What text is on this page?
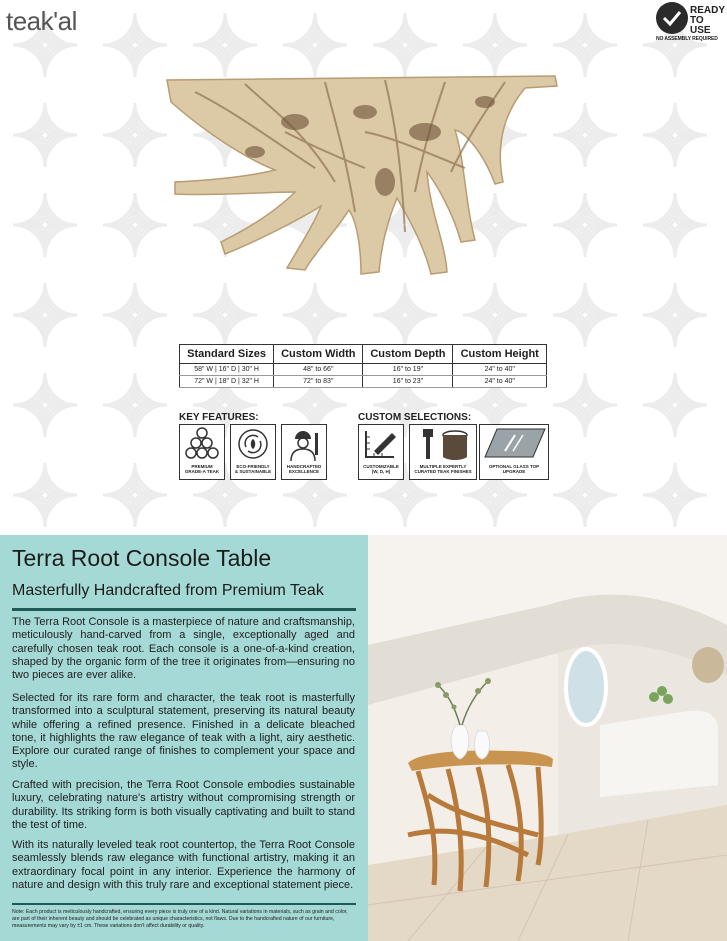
teak'al	READY
TO USE
NO ASSEMBLY REQUIRED
Standard Sizes	Custom Width	Custom Depth	Custom Height
58" W | 16" D | 30" H	48" to 66"	16" to 19"	24" to 40"
72" W | 18" D | 32" H	72" to 83"	16" to 23"	24" to 40"
KEY FEATURES:
PREMIUM
GRADE-A TEAK
ECO-FRIENDLY
& SUSTAINABLE
HANDCRAFTED
EXCELLENCE
CUSTOM SELECTIONS:
CUSTOMIZABLE
(W, D, H)
MULTIPLE EXPERTLY
CURATED TEAK FINISHES
OPTIONAL GLASS TOP
UPGRADE
Terra Root Console Table
Masterfully Handcrafted from Premium Teak
The Terra Root Console is a masterpiece of nature and craftsmanship, meticulously hand-carved from a single, exceptionally aged and carefully chosen teak root. Each console is a one-of-a-kind creation, shaped by the organic form of the tree it originates from—ensuring no two pieces are ever alike.
Selected for its rare form and character, the teak root is masterfully transformed into a sculptural statement, preserving its natural beauty while offering a refined presence. Finished in a delicate bleached tone, it highlights the raw elegance of teak with a light, airy aesthetic. Explore our curated range of finishes to complement your space and style.
Crafted with precision, the Terra Root Console embodies sustainable luxury, celebrating nature's artistry without compromising strength or durability. Its striking form is both visually captivating and built to stand the test of time.
With its naturally leveled teak root countertop, the Terra Root Console seamlessly blends raw elegance with functional artistry, making it an extraordinary focal point in any interior. Experience the harmony of nature and design with this truly rare and exceptional statement piece.
Note: Each product is meticulously handcrafted, ensuring every piece is truly one of a kind. Natural variations in materials, such as grain and color, are part of their inherent beauty and should be celebrated as unique characteristics, not flaws. Due to the handcrafted nature of our furniture, measurements may vary by ±1 cm. These variations don't affect durability or quality.
